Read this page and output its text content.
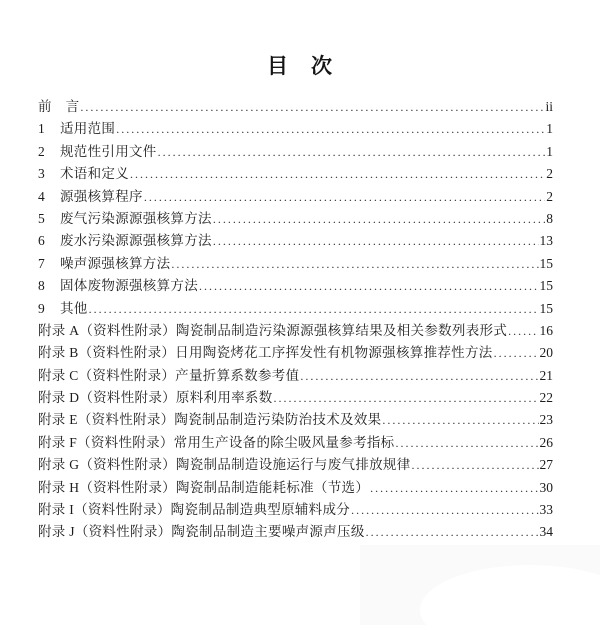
目　次
前　言 .....	ii
1	适用范围 .....	1
2	规范性引用文件 .....	1
3	术语和定义 .....	2
4	源强核算程序 .....	2
5	废气污染源源强核算方法 .....	8
6	废水污染源源强核算方法 .....	13
7	噪声源强核算方法 .....	15
8	固体废物源强核算方法 .....	15
9	其他 .....	15
附录 A（资料性附录）陶瓷制品制造污染源源强核算结果及相关参数列表形式 ..... 16
附录 B（资料性附录）日用陶瓷烤花工序挥发性有机物源强核算推荐性方法 .....	20
附录 C（资料性附录）产量折算系数参考值 .....	21
附录 D（资料性附录）原料利用率系数 .....	22
附录 E（资料性附录）陶瓷制品制造污染防治技术及效果 .....	23
附录 F（资料性附录）常用生产设备的除尘吸风量参考指标 .....	26
附录 G（资料性附录）陶瓷制品制造设施运行与废气排放规律 .....	27
附录 H（资料性附录）陶瓷制品制造能耗标准（节选） .....	30
附录 I（资料性附录）陶瓷制品制造典型原辅料成分 .....	33
附录 J（资料性附录）陶瓷制品制造主要噪声源声压级 .....	34
